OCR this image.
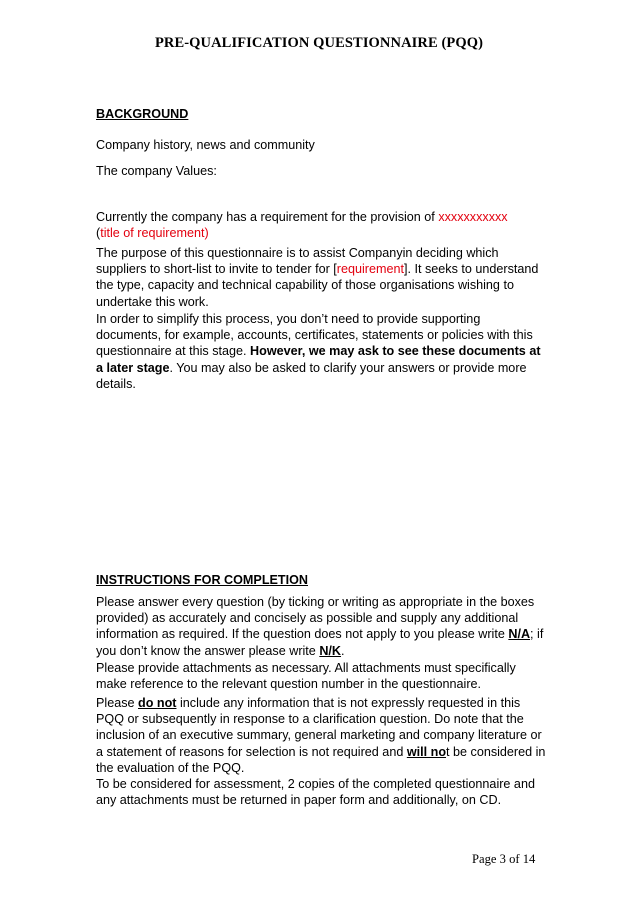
PRE-QUALIFICATION QUESTIONNAIRE (PQQ)

BACKGROUND

Company history, news and community

The company Values:

Currently the company has a requirement for the provision of xxxxxxxxxxx
(title of requirement)

The purpose of this questionnaire is to assist Companyin deciding which suppliers to short-list to invite to tender for [requirement]. It seeks to understand the type, capacity and technical capability of those organisations wishing to undertake this work.

In order to simplify this process, you don’t need to provide supporting documents, for example, accounts, certificates, statements or policies with this questionnaire at this stage. However, we may ask to see these documents at a later stage. You may also be asked to clarify your answers or provide more details.

INSTRUCTIONS FOR COMPLETION

Please answer every question (by ticking or writing as appropriate in the boxes provided) as accurately and concisely as possible and supply any additional information as required. If the question does not apply to you please write N/A; if you don’t know the answer please write N/K.

Please provide attachments as necessary. All attachments must specifically make reference to the relevant question number in the questionnaire.

Please do not include any information that is not expressly requested in this PQQ or subsequently in response to a clarification question. Do note that the inclusion of an executive summary, general marketing and company literature or a statement of reasons for selection is not required and will not be considered in the evaluation of the PQQ.

To be considered for assessment, 2 copies of the completed questionnaire and any attachments must be returned in paper form and additionally, on CD.

Page 3 of 14
